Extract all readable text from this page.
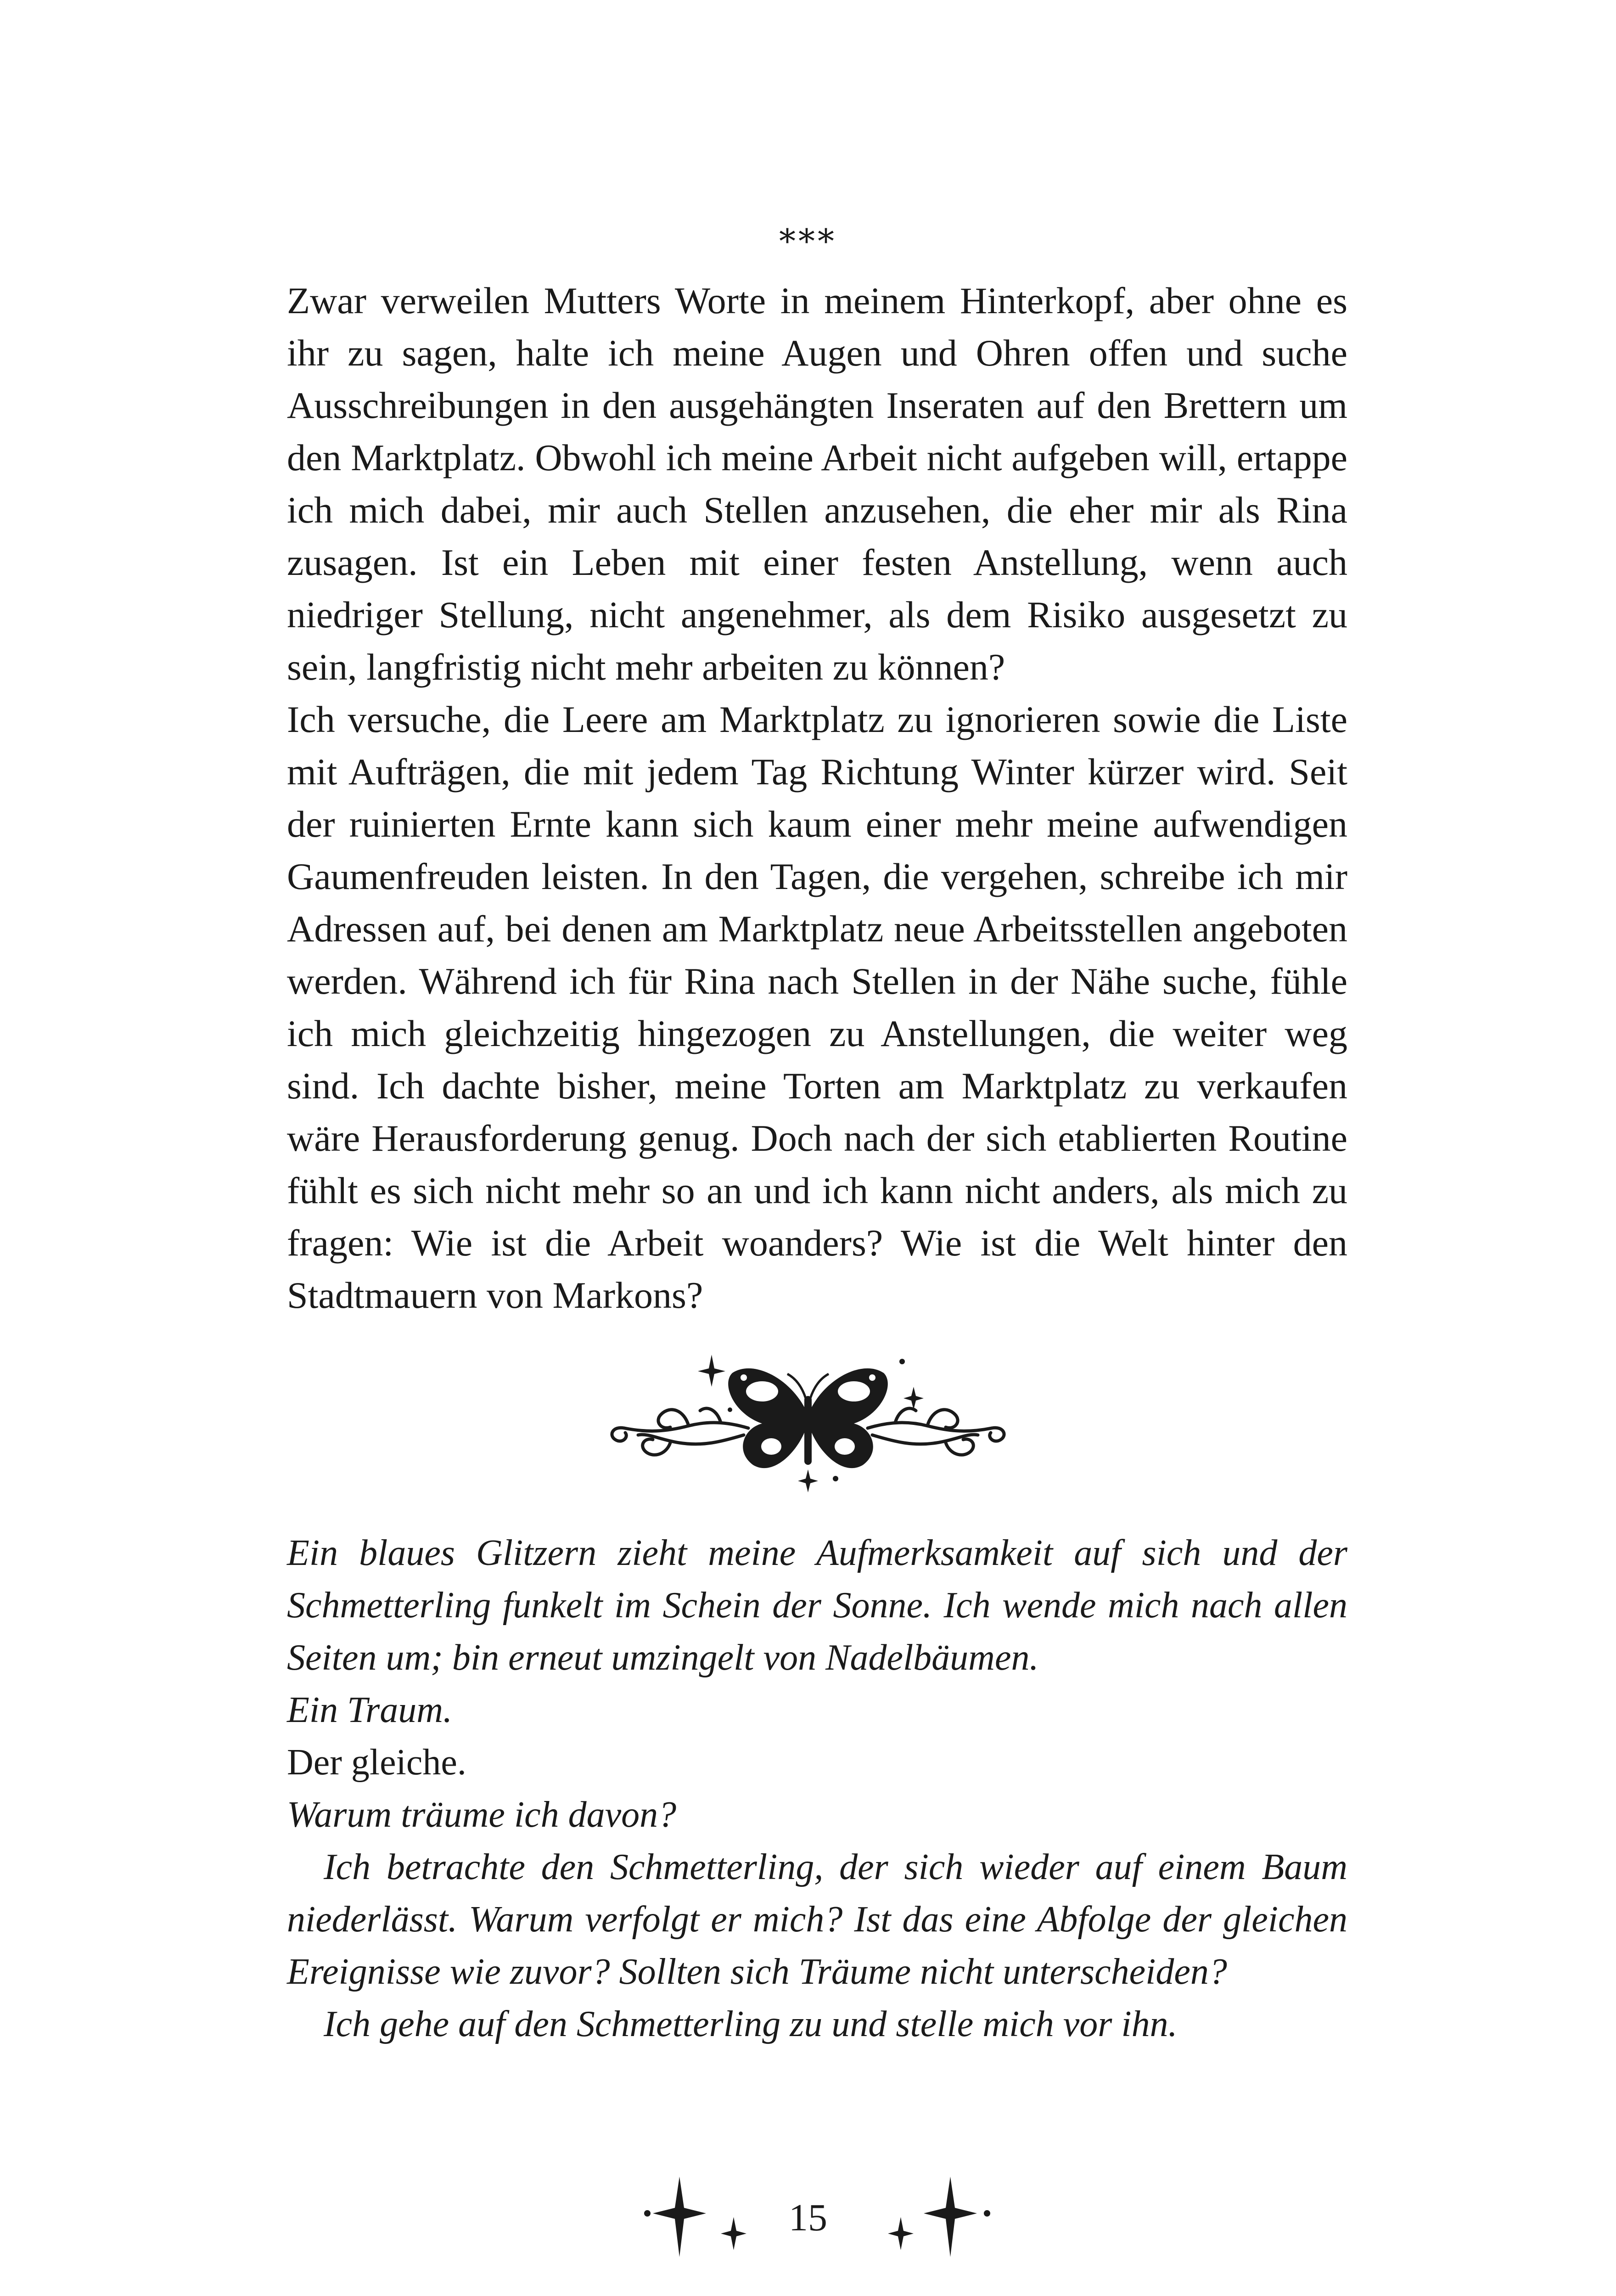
***

Zwar verweilen Mutters Worte in meinem Hinterkopf, aber ohne es ihr zu sagen, halte ich meine Augen und Ohren offen und suche Ausschreibungen in den ausgehängten Inseraten auf den Brettern um den Marktplatz. Obwohl ich meine Arbeit nicht aufgeben will, ertappe ich mich dabei, mir auch Stellen anzusehen, die eher mir als Rina zusagen. Ist ein Leben mit einer festen Anstellung, wenn auch niedriger Stellung, nicht angenehmer, als dem Risiko ausgesetzt zu sein, langfristig nicht mehr arbeiten zu können?

Ich versuche, die Leere am Marktplatz zu ignorieren sowie die Liste mit Aufträgen, die mit jedem Tag Richtung Winter kürzer wird. Seit der ruinierten Ernte kann sich kaum einer mehr meine aufwendigen Gaumenfreuden leisten. In den Tagen, die vergehen, schreibe ich mir Adressen auf, bei denen am Marktplatz neue Arbeitsstellen angeboten werden. Während ich für Rina nach Stellen in der Nähe suche, fühle ich mich gleichzeitig hingezogen zu Anstellungen, die weiter weg sind. Ich dachte bisher, meine Torten am Marktplatz zu verkaufen wäre Herausforderung genug. Doch nach der sich etablierten Routine fühlt es sich nicht mehr so an und ich kann nicht anders, als mich zu fragen: Wie ist die Arbeit woanders? Wie ist die Welt hinter den Stadtmauern von Markons?

Ein blaues Glitzern zieht meine Aufmerksamkeit auf sich und der Schmetterling funkelt im Schein der Sonne. Ich wende mich nach allen Seiten um; bin erneut umzingelt von Nadelbäumen.

Ein Traum.

Der gleiche.

Warum träume ich davon?

Ich betrachte den Schmetterling, der sich wieder auf einem Baum niederlässt. Warum verfolgt er mich? Ist das eine Abfolge der gleichen Ereignisse wie zuvor? Sollten sich Träume nicht unterscheiden?

Ich gehe auf den Schmetterling zu und stelle mich vor ihn.

15
